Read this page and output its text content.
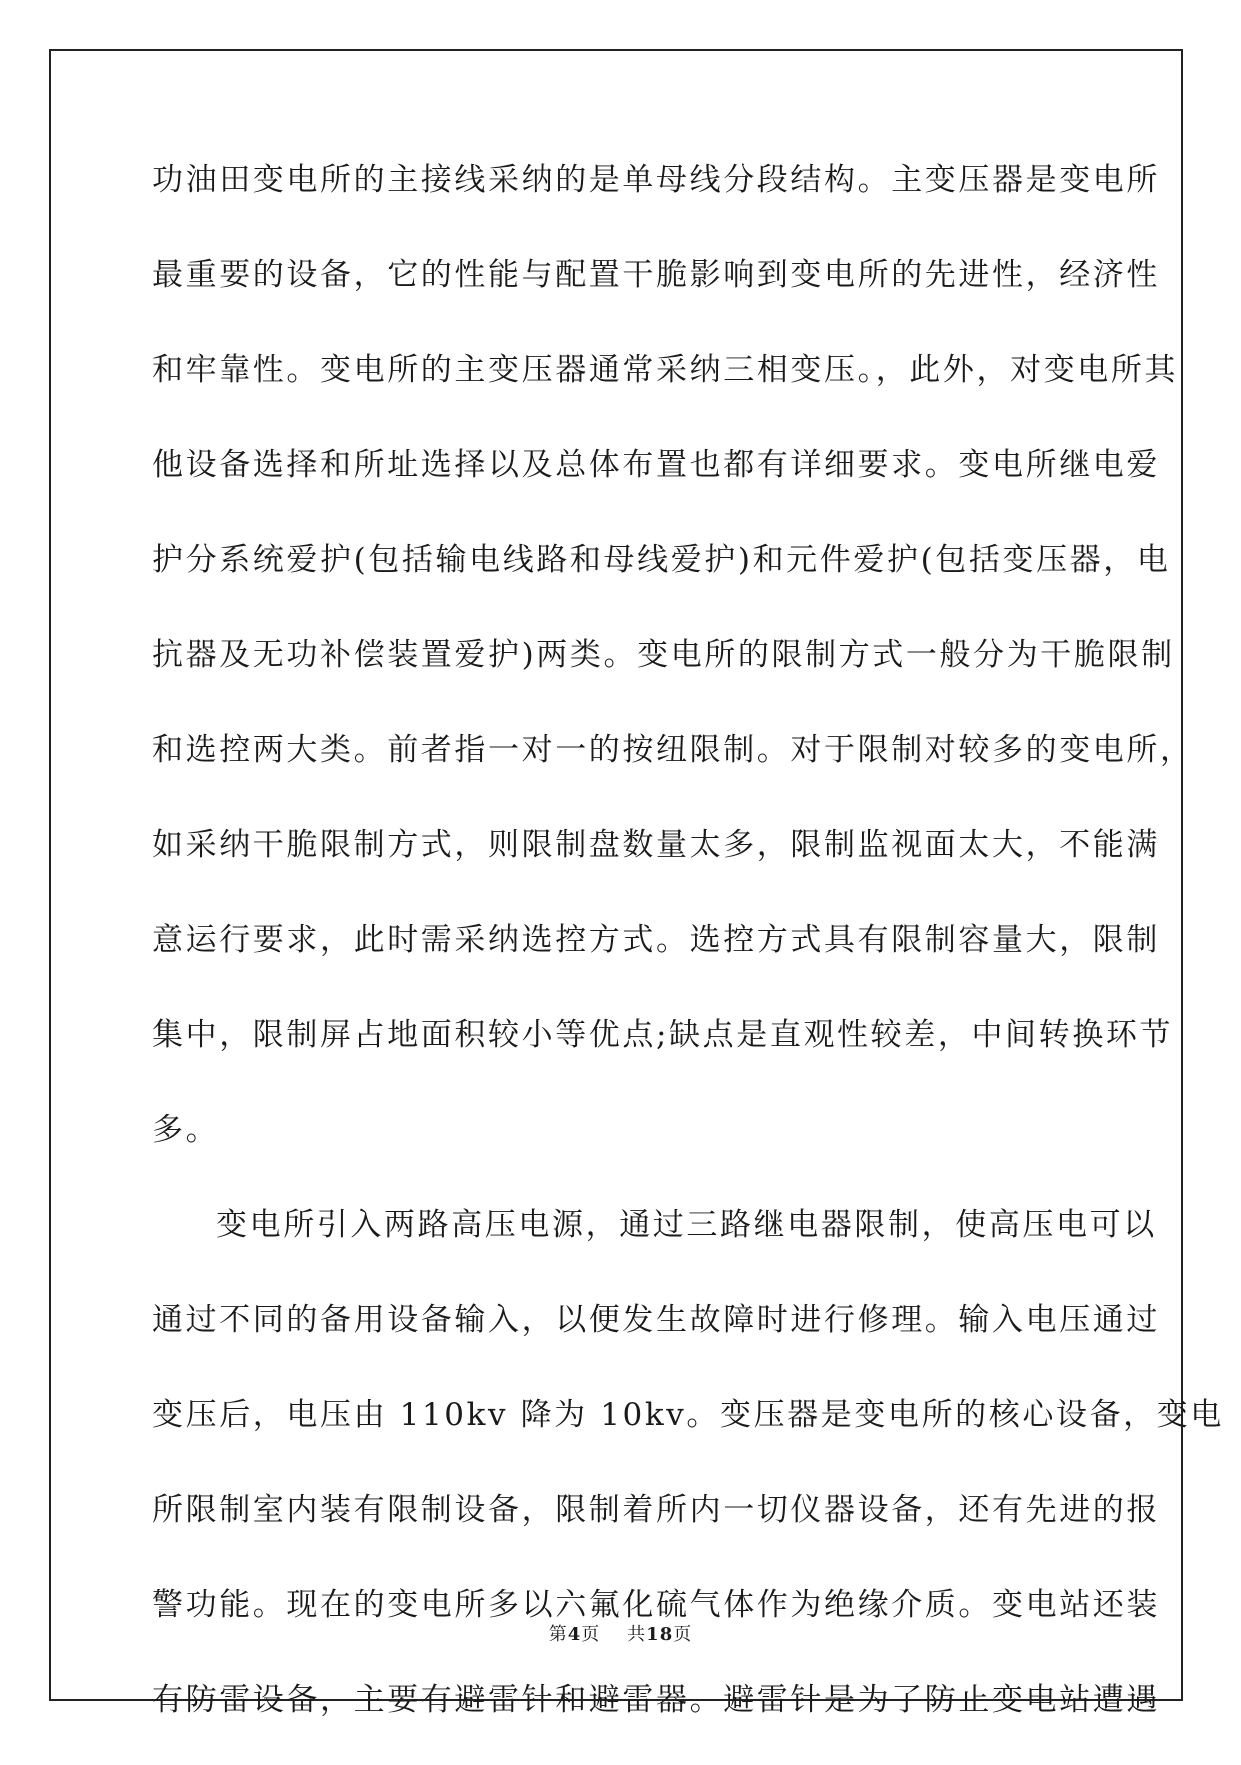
功油田变电所的主接线采纳的是单母线分段结构。主变压器是变电所
最重要的设备，它的性能与配置干脆影响到变电所的先进性，经济性
和牢靠性。变电所的主变压器通常采纳三相变压。，此外，对变电所其
他设备选择和所址选择以及总体布置也都有详细要求。变电所继电爱
护分系统爱护(包括输电线路和母线爱护)和元件爱护(包括变压器，电
抗器及无功补偿装置爱护)两类。变电所的限制方式一般分为干脆限制
和选控两大类。前者指一对一的按纽限制。对于限制对较多的变电所，
如采纳干脆限制方式，则限制盘数量太多，限制监视面太大，不能满
意运行要求，此时需采纳选控方式。选控方式具有限制容量大，限制
集中，限制屏占地面积较小等优点;缺点是直观性较差，中间转换环节
多。
变电所引入两路高压电源，通过三路继电器限制，使高压电可以
通过不同的备用设备输入，以便发生故障时进行修理。输入电压通过
变压后，电压由 110kv 降为 10kv。变压器是变电所的核心设备，变电
所限制室内装有限制设备，限制着所内一切仪器设备，还有先进的报
警功能。现在的变电所多以六氟化硫气体作为绝缘介质。变电站还装
有防雷设备，主要有避雷针和避雷器。避雷针是为了防止变电站遭遇
第4页 共18页
